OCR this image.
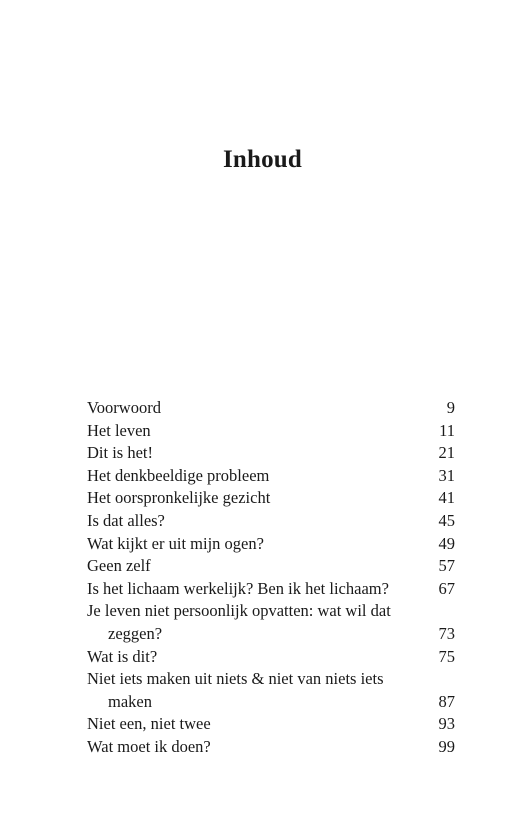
Inhoud
Voorwoord	9
Het leven	11
Dit is het!	21
Het denkbeeldige probleem	31
Het oorspronkelijke gezicht	41
Is dat alles?	45
Wat kijkt er uit mijn ogen?	49
Geen zelf	57
Is het lichaam werkelijk? Ben ik het lichaam?	67
Je leven niet persoonlijk opvatten: wat wil dat
zeggen?	73
Wat is dit?	75
Niet iets maken uit niets & niet van niets iets
maken	87
Niet een, niet twee	93
Wat moet ik doen?	99
